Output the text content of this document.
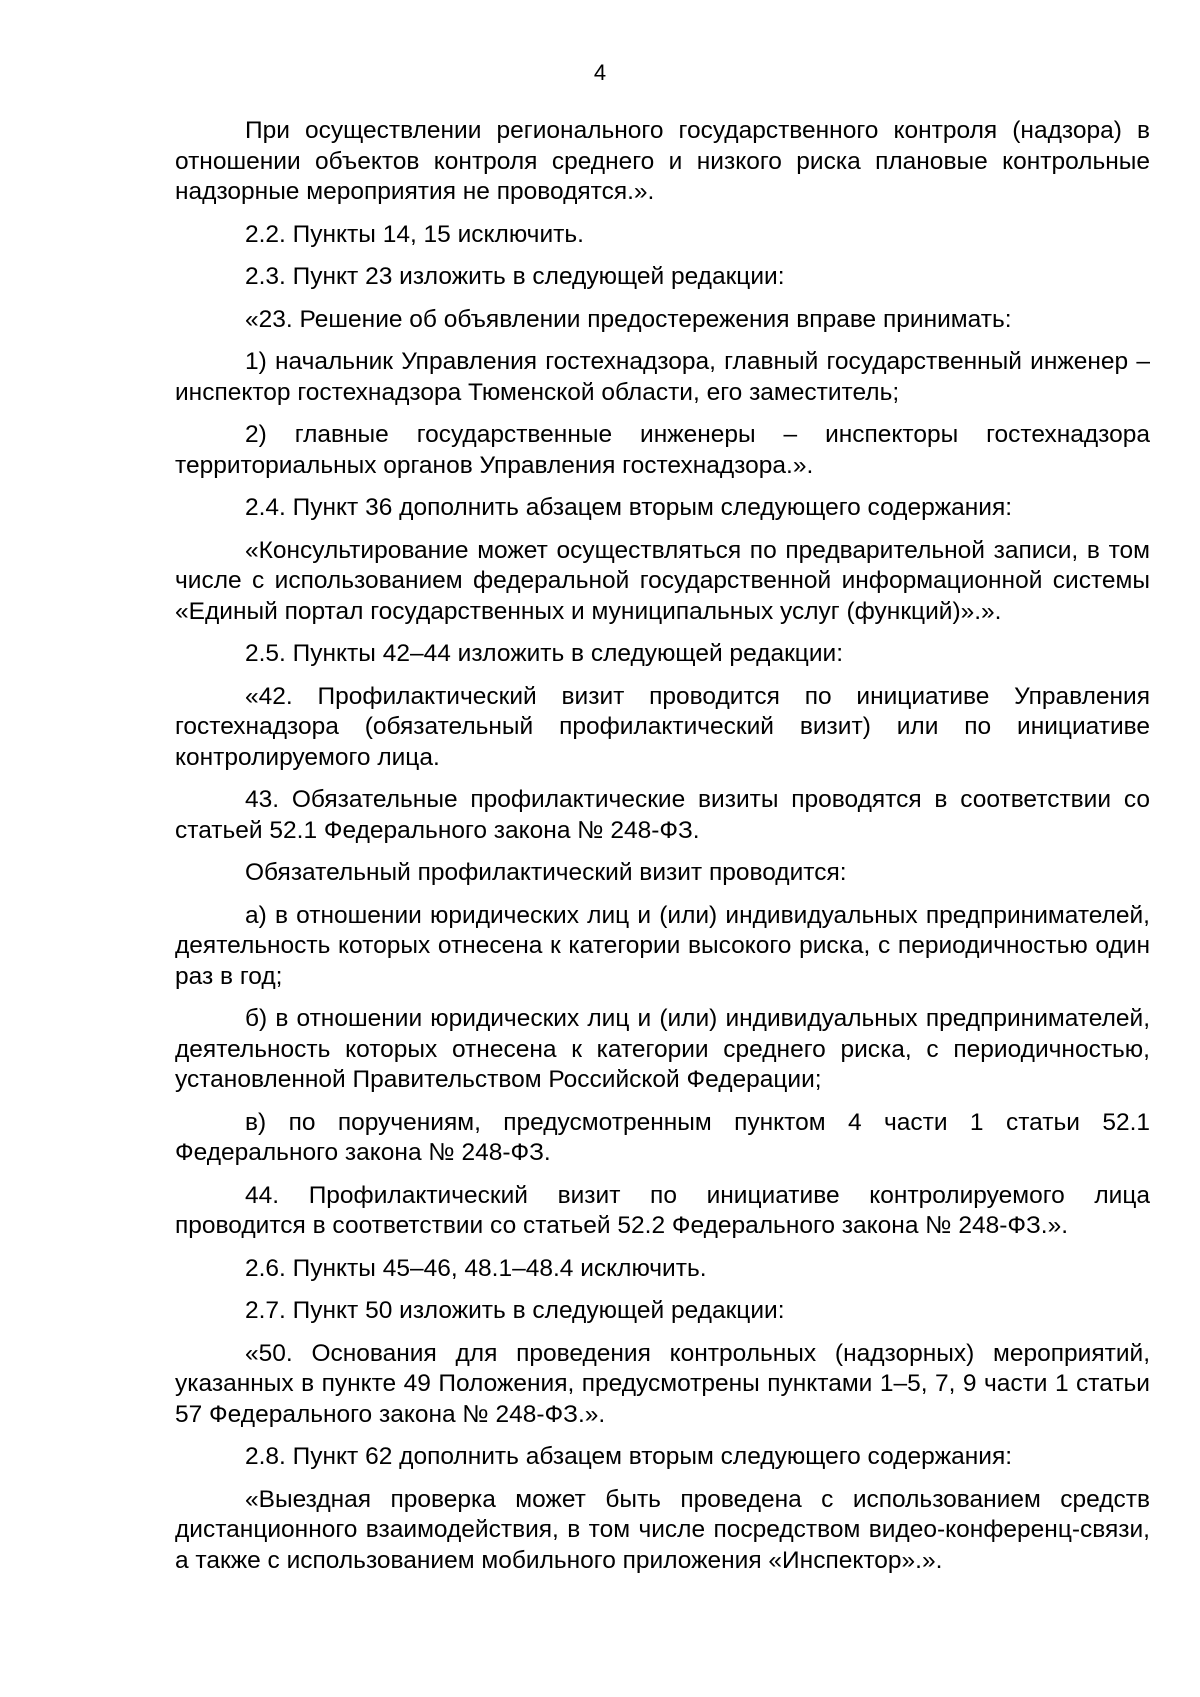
4

При осуществлении регионального государственного контроля (надзора) в отношении объектов контроля среднего и низкого риска плановые контрольные надзорные мероприятия не проводятся.».

2.2. Пункты 14, 15 исключить.

2.3. Пункт 23 изложить в следующей редакции:

«23. Решение об объявлении предостережения вправе принимать:

1) начальник Управления гостехнадзора, главный государственный инженер – инспектор гостехнадзора Тюменской области, его заместитель;

2) главные государственные инженеры – инспекторы гостехнадзора территориальных органов Управления гостехнадзора.».

2.4. Пункт 36 дополнить абзацем вторым следующего содержания:

«Консультирование может осуществляться по предварительной записи, в том числе с использованием федеральной государственной информационной системы «Единый портал государственных и муниципальных услуг (функций)».».

2.5. Пункты 42–44 изложить в следующей редакции:

«42. Профилактический визит проводится по инициативе Управления гостехнадзора (обязательный профилактический визит) или по инициативе контролируемого лица.

43. Обязательные профилактические визиты проводятся в соответствии со статьей 52.1 Федерального закона № 248-ФЗ.

Обязательный профилактический визит проводится:

а) в отношении юридических лиц и (или) индивидуальных предпринимателей, деятельность которых отнесена к категории высокого риска, с периодичностью один раз в год;

б) в отношении юридических лиц и (или) индивидуальных предпринимателей, деятельность которых отнесена к категории среднего риска, с периодичностью, установленной Правительством Российской Федерации;

в) по поручениям, предусмотренным пунктом 4 части 1 статьи 52.1 Федерального закона № 248-ФЗ.

44. Профилактический визит по инициативе контролируемого лица проводится в соответствии со статьей 52.2 Федерального закона № 248-ФЗ.».

2.6. Пункты 45–46, 48.1–48.4 исключить.

2.7. Пункт 50 изложить в следующей редакции:

«50. Основания для проведения контрольных (надзорных) мероприятий, указанных в пункте 49 Положения, предусмотрены пунктами 1–5, 7, 9 части 1 статьи 57 Федерального закона № 248-ФЗ.».

2.8. Пункт 62 дополнить абзацем вторым следующего содержания:

«Выездная проверка может быть проведена с использованием средств дистанционного взаимодействия, в том числе посредством видео-конференц-связи, а также с использованием мобильного приложения «Инспектор».».
